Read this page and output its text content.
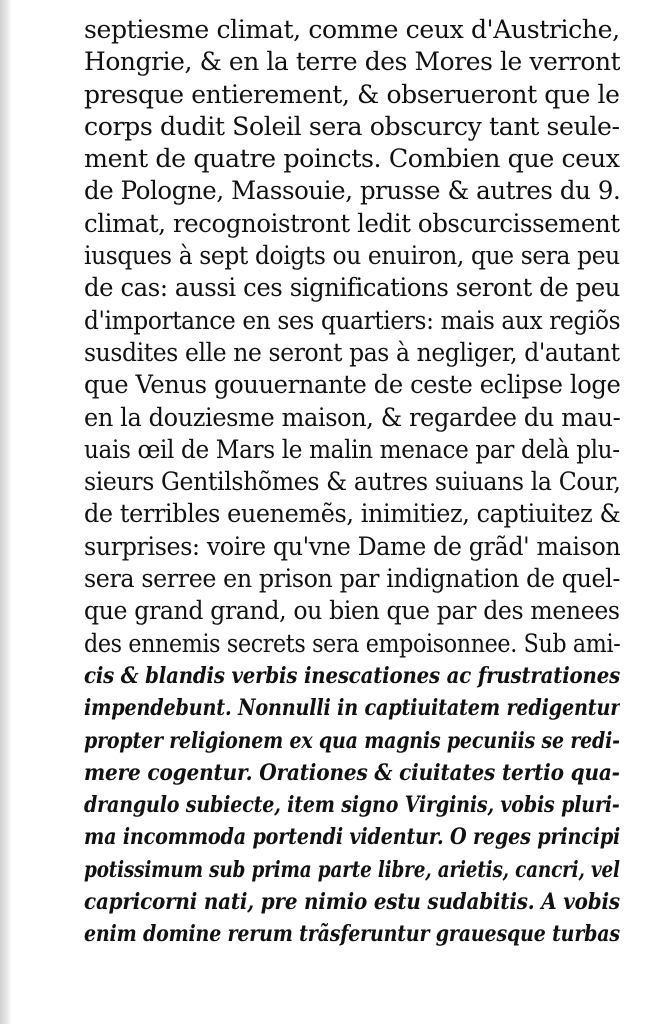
septiesme climat, comme ceux d'Austriche,
Hongrie, & en la terre des Mores le verront
presque entierement, & obserueront que le
corps dudit Soleil sera obscurcy tant seule-
ment de quatre poincts. Combien que ceux
de Pologne, Massouie, prusse & autres du 9.
climat, recognoistront ledit obscurcissement
iusques à sept doigts ou enuiron, que sera peu
de cas: aussi ces significations seront de peu
d'importance en ses quartiers: mais aux regiõs
susdites elle ne seront pas à negliger, d'autant
que Venus gouuernante de ceste eclipse loge
en la douziesme maison, & regardee du mau-
uais œil de Mars le malin menace par delà plu-
sieurs Gentilshõmes & autres suiuans la Cour,
de terribles euenemẽs, inimitiez, captiuitez &
surprises: voire qu'vne Dame de grãd' maison
sera serree en prison par indignation de quel-
que grand grand, ou bien que par des menees
des ennemis secrets sera empoisonnee. Sub ami-
cis & blandis verbis inescationes ac frustrationes
impendebunt. Nonnulli in captiuitatem redigentur
propter religionem ex qua magnis pecuniis se redi-
mere cogentur. Orationes & ciuitates tertio qua-
drangulo subiecte, item signo Virginis, vobis pluri-
ma incommoda portendi videntur. O reges principi
potissimum sub prima parte libre, arietis, cancri, vel
capricorni nati, pre nimio estu sudabitis. A vobis
enim domine rerum trãsferuntur grauesque turbas
